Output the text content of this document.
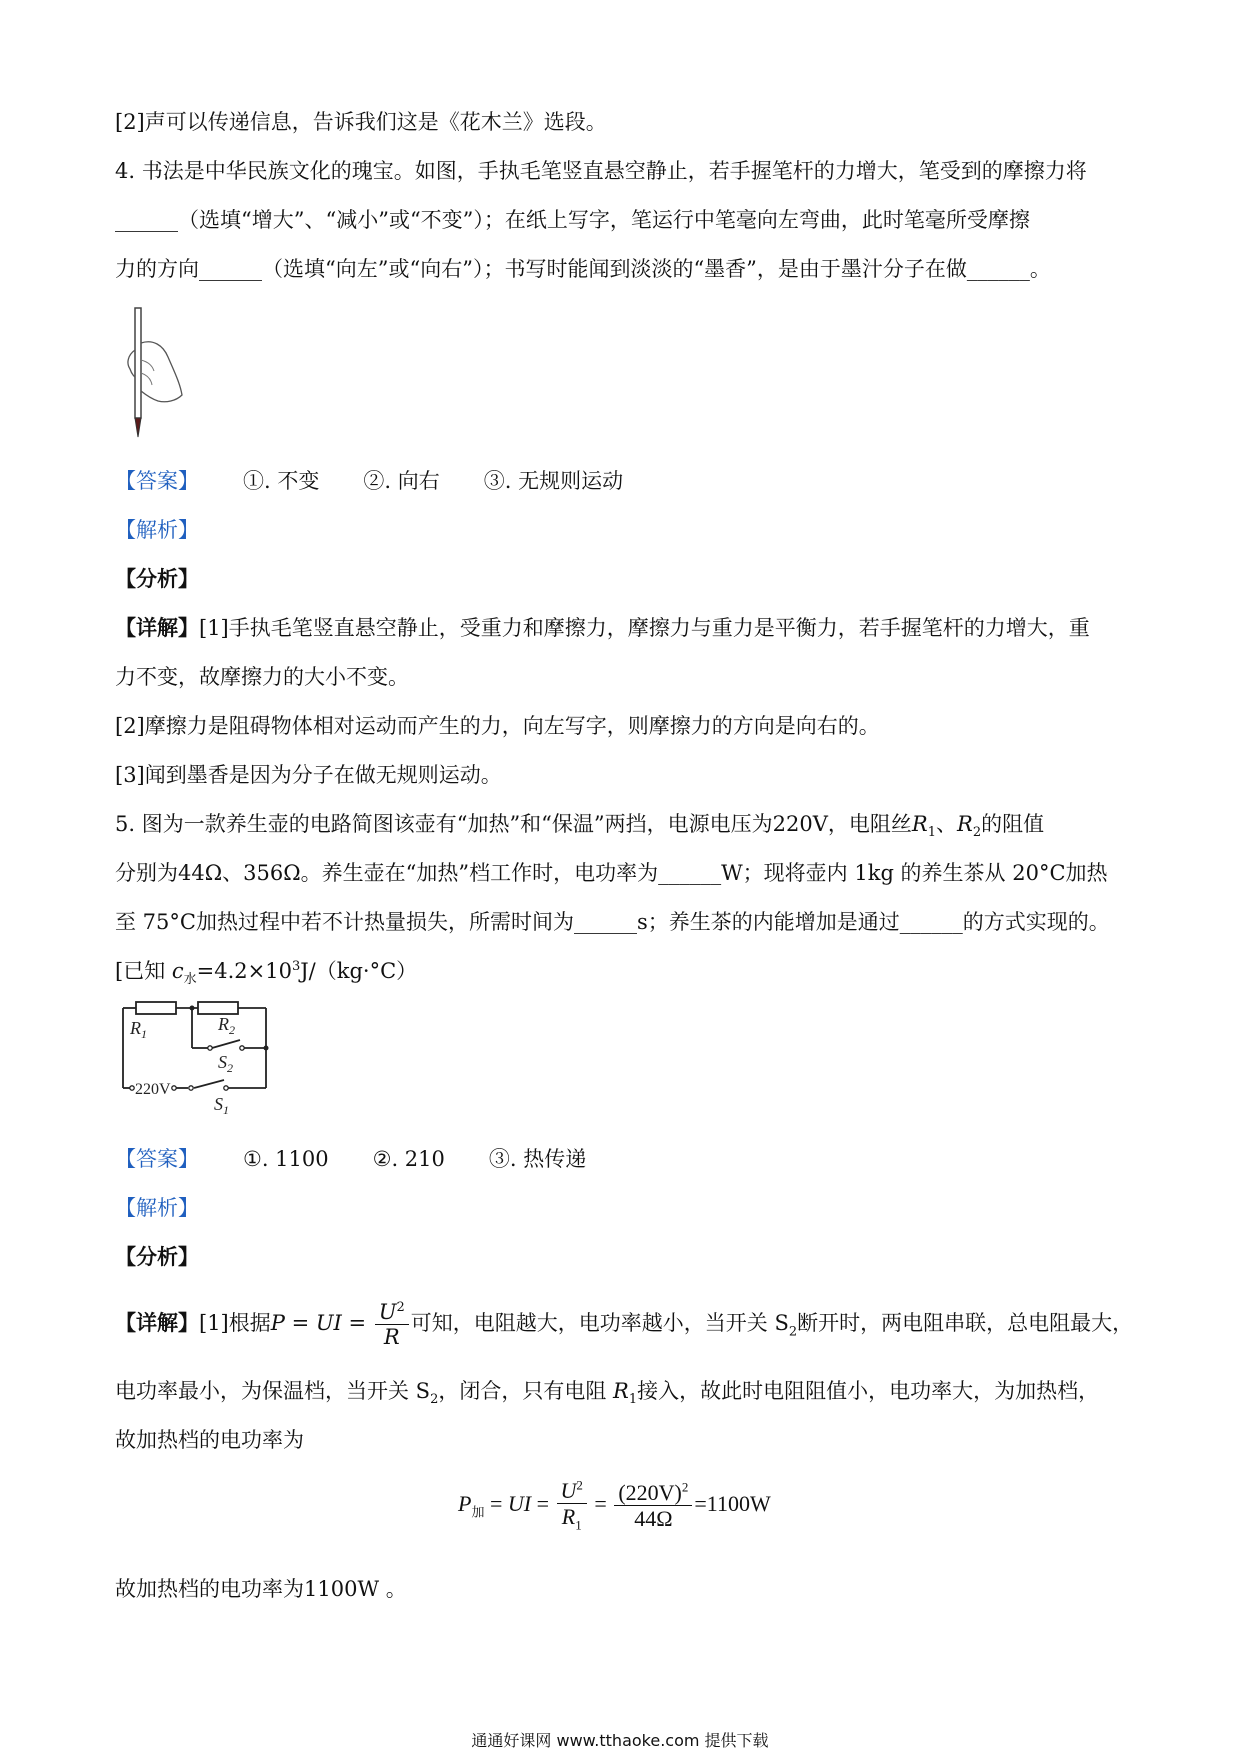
[2]声可以传递信息，告诉我们这是《花木兰》选段。
4. 书法是中华民族文化的瑰宝。如图，手执毛笔竖直悬空静止，若手握笔杆的力增大，笔受到的摩擦力将
______（选填“增大”、“减小”或“不变”）；在纸上写字，笔运行中笔毫向左弯曲，此时笔毫所受摩擦
力的方向______（选填“向左”或“向右”）；书写时能闻到淡淡的“墨香”，是由于墨汁分子在做______。
【答案】 ①. 不变 ②. 向右 ③. 无规则运动
【解析】
【分析】
【详解】[1]手执毛笔竖直悬空静止，受重力和摩擦力，摩擦力与重力是平衡力，若手握笔杆的力增大，重
力不变，故摩擦力的大小不变。
[2]摩擦力是阻碍物体相对运动而产生的力，向左写字，则摩擦力的方向是向右的。
[3]闻到墨香是因为分子在做无规则运动。
5. 图为一款养生壶的电路简图该壶有“加热”和“保温”两挡，电源电压为220V，电阻丝$R_1$、$R_2$的阻值
分别为44Ω、356Ω。养生壶在“加热”档工作时，电功率为______W；现将壶内 1kg 的养生茶从 20°C加热
至 75°C加热过程中若不计热量损失，所需时间为______s；养生茶的内能增加是通过______的方式实现的。
[已知 $c_水=4.2\times 10^3J/(kg\cdot^\circ C)$
$R_1$	$R_2$
$S_2$
$S_1$
220V
【答案】 ①. 1100 ②. 210 ③. 热传递
【解析】
【分析】
【详解】[1]根据P = UI = $\frac{U^2}{R}$ 可知，电阻越大，电功率越小，当开关 $S_2$断开时，两电阻串联，总电阻最大，
电功率最小，为保温档，当开关 $S_2$，闭合，只有电阻 $R_1$接入，故此时电阻阻值小，电功率大，为加热档，
故加热档的电功率为
$P_加$ = UI = $\frac{U^2}{R_1} = \frac{(220V)^2}{44\Omega} =1100W$
故加热档的电功率为1100W 。
通通好课网 www.tthaoke.com 提供下载
